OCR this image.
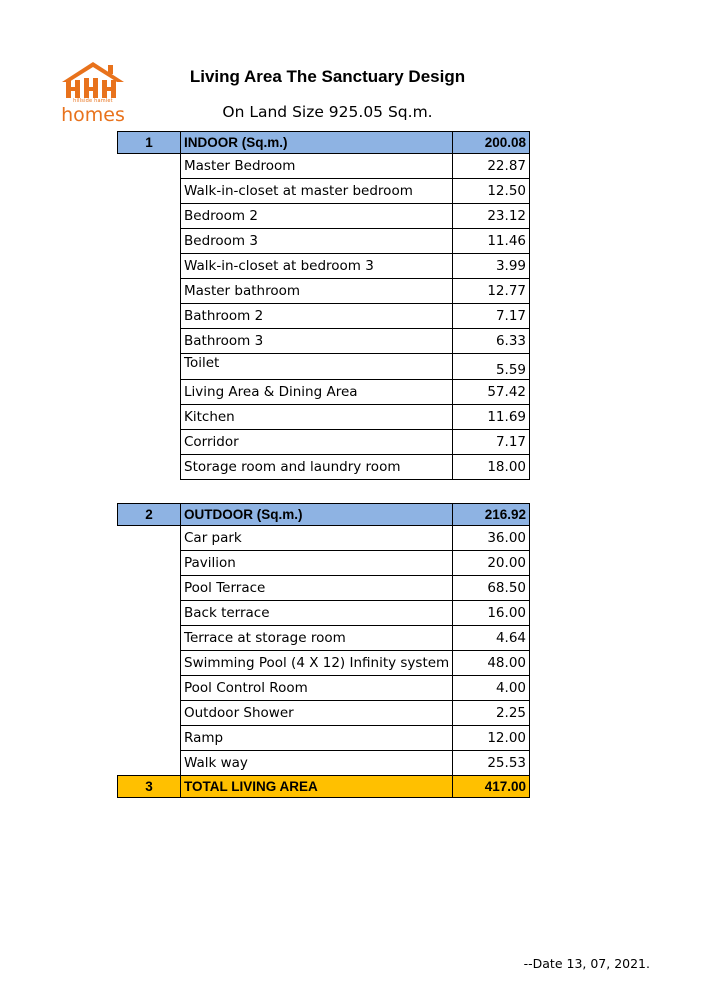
hillside hamlet
homes
Living Area The Sanctuary Design
On Land Size 925.05 Sq.m.
1	INDOOR (Sq.m.)	200.08
	Master Bedroom	22.87
	Walk-in-closet at master bedroom	12.50
	Bedroom 2	23.12
	Bedroom 3	11.46
	Walk-in-closet at bedroom 3	3.99
	Master bathroom	12.77
	Bathroom 2	7.17
	Bathroom 3	6.33
	Toilet	5.59
	Living Area & Dining Area	57.42
	Kitchen	11.69
	Corridor	7.17
	Storage room and laundry room	18.00
2	OUTDOOR (Sq.m.)	216.92
	Car park	36.00
	Pavilion	20.00
	Pool Terrace	68.50
	Back terrace	16.00
	Terrace at storage room	4.64
	Swimming Pool (4 X 12) Infinity system	48.00
	Pool Control Room	4.00
	Outdoor Shower	2.25
	Ramp	12.00
	Walk way	25.53
3	TOTAL LIVING AREA	417.00
--Date 13, 07, 2021.
